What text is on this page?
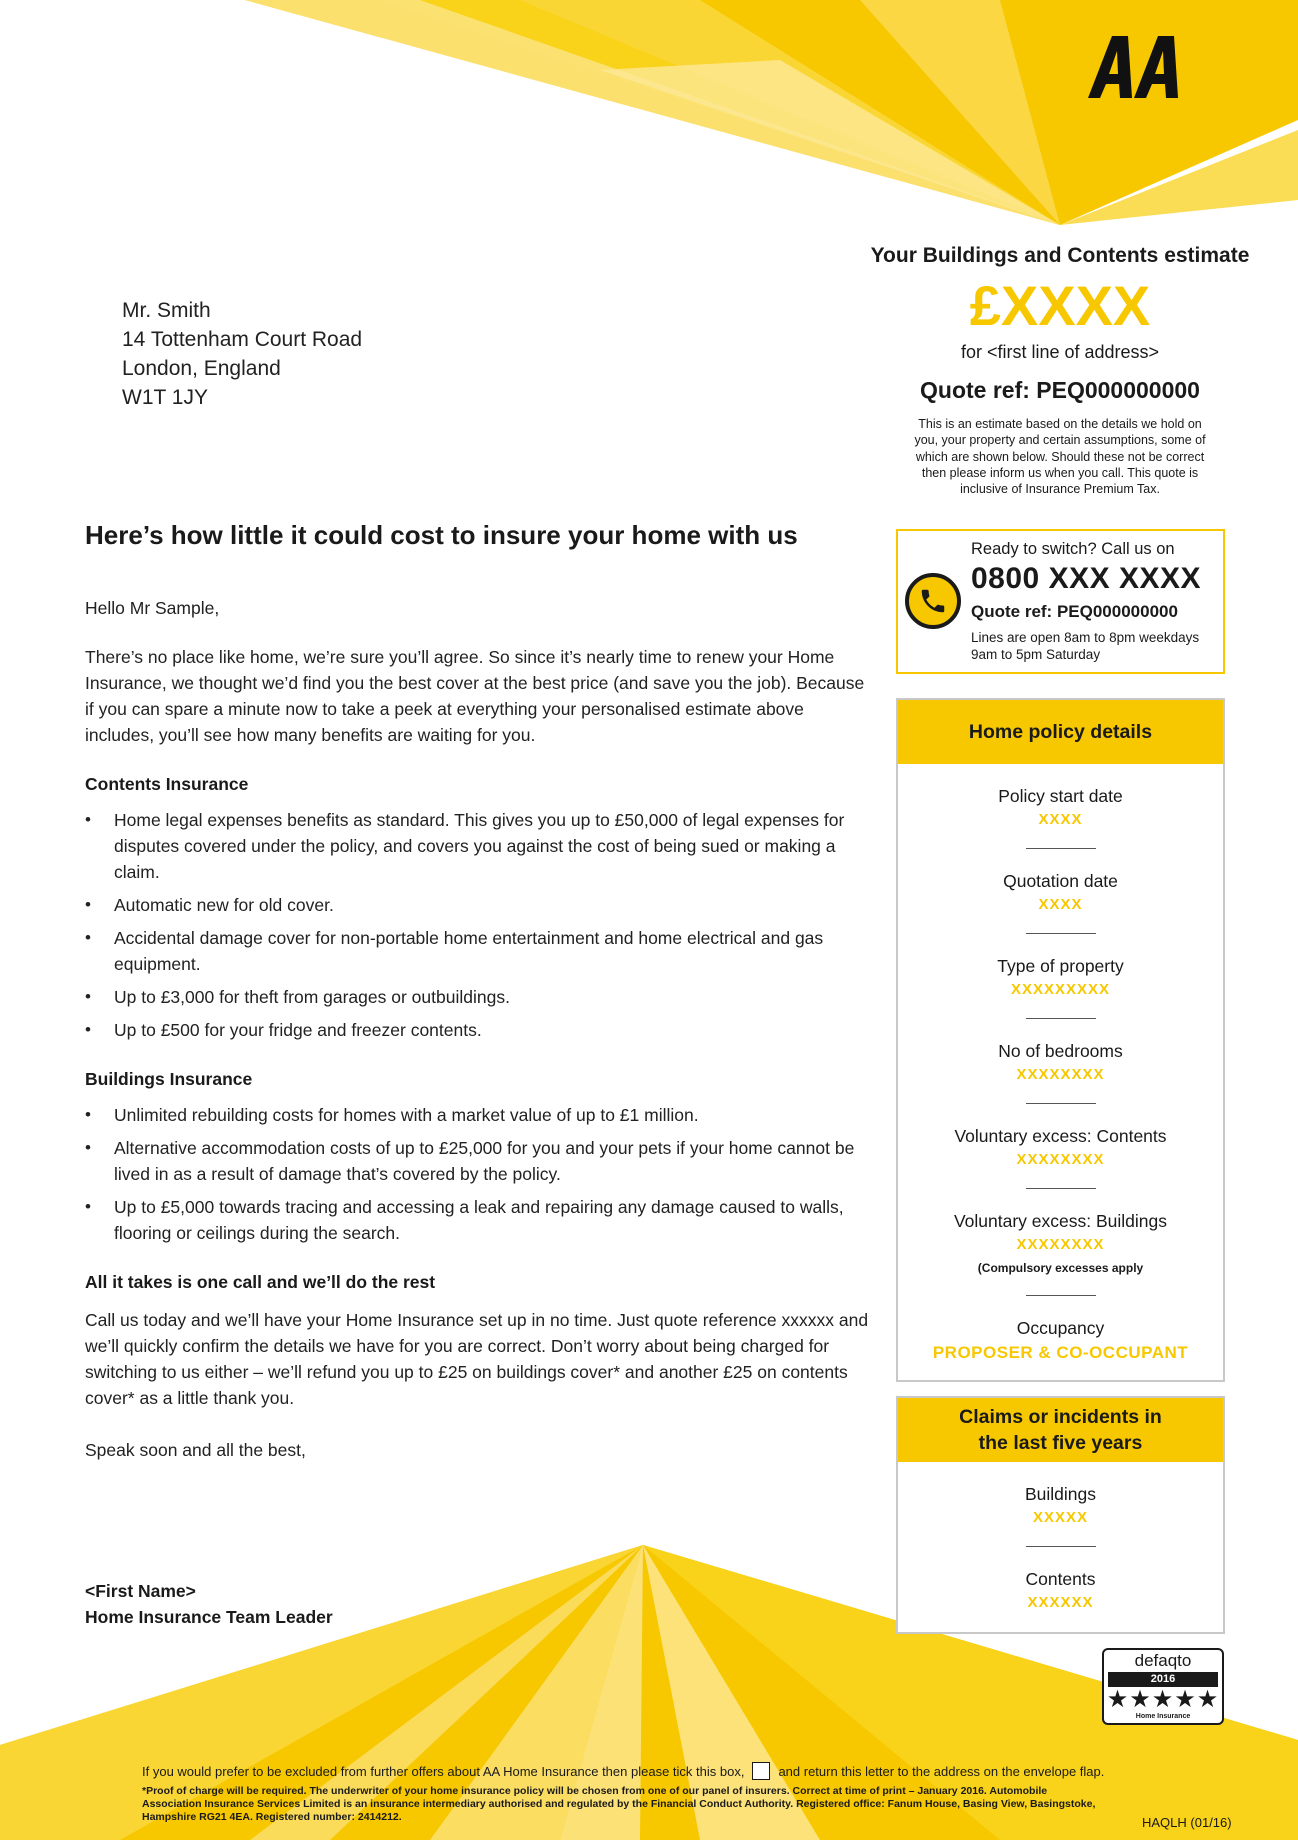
Your Buildings and Contents estimate
£XXXX
for <first line of address>
Quote ref: PEQ000000000
This is an estimate based on the details we hold on you, your property and certain assumptions, some of which are shown below. Should these not be correct then please inform us when you call. This quote is inclusive of Insurance Premium Tax.
Mr. Smith
14 Tottenham Court Road
London, England
W1T 1JY
Here’s how little it could cost to insure your home with us

Hello Mr Sample,

There’s no place like home, we’re sure you’ll agree. So since it’s nearly time to renew your Home Insurance, we thought we’d find you the best cover at the best price (and save you the job). Because if you can spare a minute now to take a peek at everything your personalised estimate above includes, you’ll see how many benefits are waiting for you.

Contents Insurance
• Home legal expenses benefits as standard. This gives you up to £50,000 of legal expenses for disputes covered under the policy, and covers you against the cost of being sued or making a claim.
• Automatic new for old cover.
• Accidental damage cover for non-portable home entertainment and home electrical and gas equipment.
• Up to £3,000 for theft from garages or outbuildings.
• Up to £500 for your fridge and freezer contents.
Buildings Insurance
• Unlimited rebuilding costs for homes with a market value of up to £1 million.
• Alternative accommodation costs of up to £25,000 for you and your pets if your home cannot be lived in as a result of damage that’s covered by the policy.
• Up to £5,000 towards tracing and accessing a leak and repairing any damage caused to walls, flooring or ceilings during the search.
All it takes is one call and we’ll do the rest

Call us today and we’ll have your Home Insurance set up in no time. Just quote reference xxxxxx and we’ll quickly confirm the details we have for you are correct. Don’t worry about being charged for switching to us either – we’ll refund you up to £25 on buildings cover* and another £25 on contents cover* as a little thank you.

Speak soon and all the best,

<First Name>
Home Insurance Team Leader
Ready to switch? Call us on
0800 XXX XXXX
Quote ref: PEQ000000000
Lines are open 8am to 8pm weekdays
9am to 5pm Saturday
Home policy details
Policy start date
XXXX
Quotation date
XXXX
Type of property
XXXXXXXXX
No of bedrooms
XXXXXXXX
Voluntary excess: Contents
XXXXXXXX
Voluntary excess: Buildings
XXXXXXXX
(Compulsory excesses apply
Occupancy
PROPOSER & CO-OCCUPANT
Claims or incidents in
the last five years
Buildings
XXXXX
Contents
XXXXXX
defaqto
2016
★★★★★
Home Insurance
If you would prefer to be excluded from further offers about AA Home Insurance then please tick this box,	and return this letter to the address on the envelope flap.
*Proof of charge will be required. The underwriter of your home insurance policy will be chosen from one of our panel of insurers. Correct at time of print – January 2016. Automobile Association Insurance Services Limited is an insurance intermediary authorised and regulated by the Financial Conduct Authority. Registered office: Fanum House, Basing View, Basingstoke, Hampshire RG21 4EA. Registered number: 2414212.	HAQLH (01/16)
